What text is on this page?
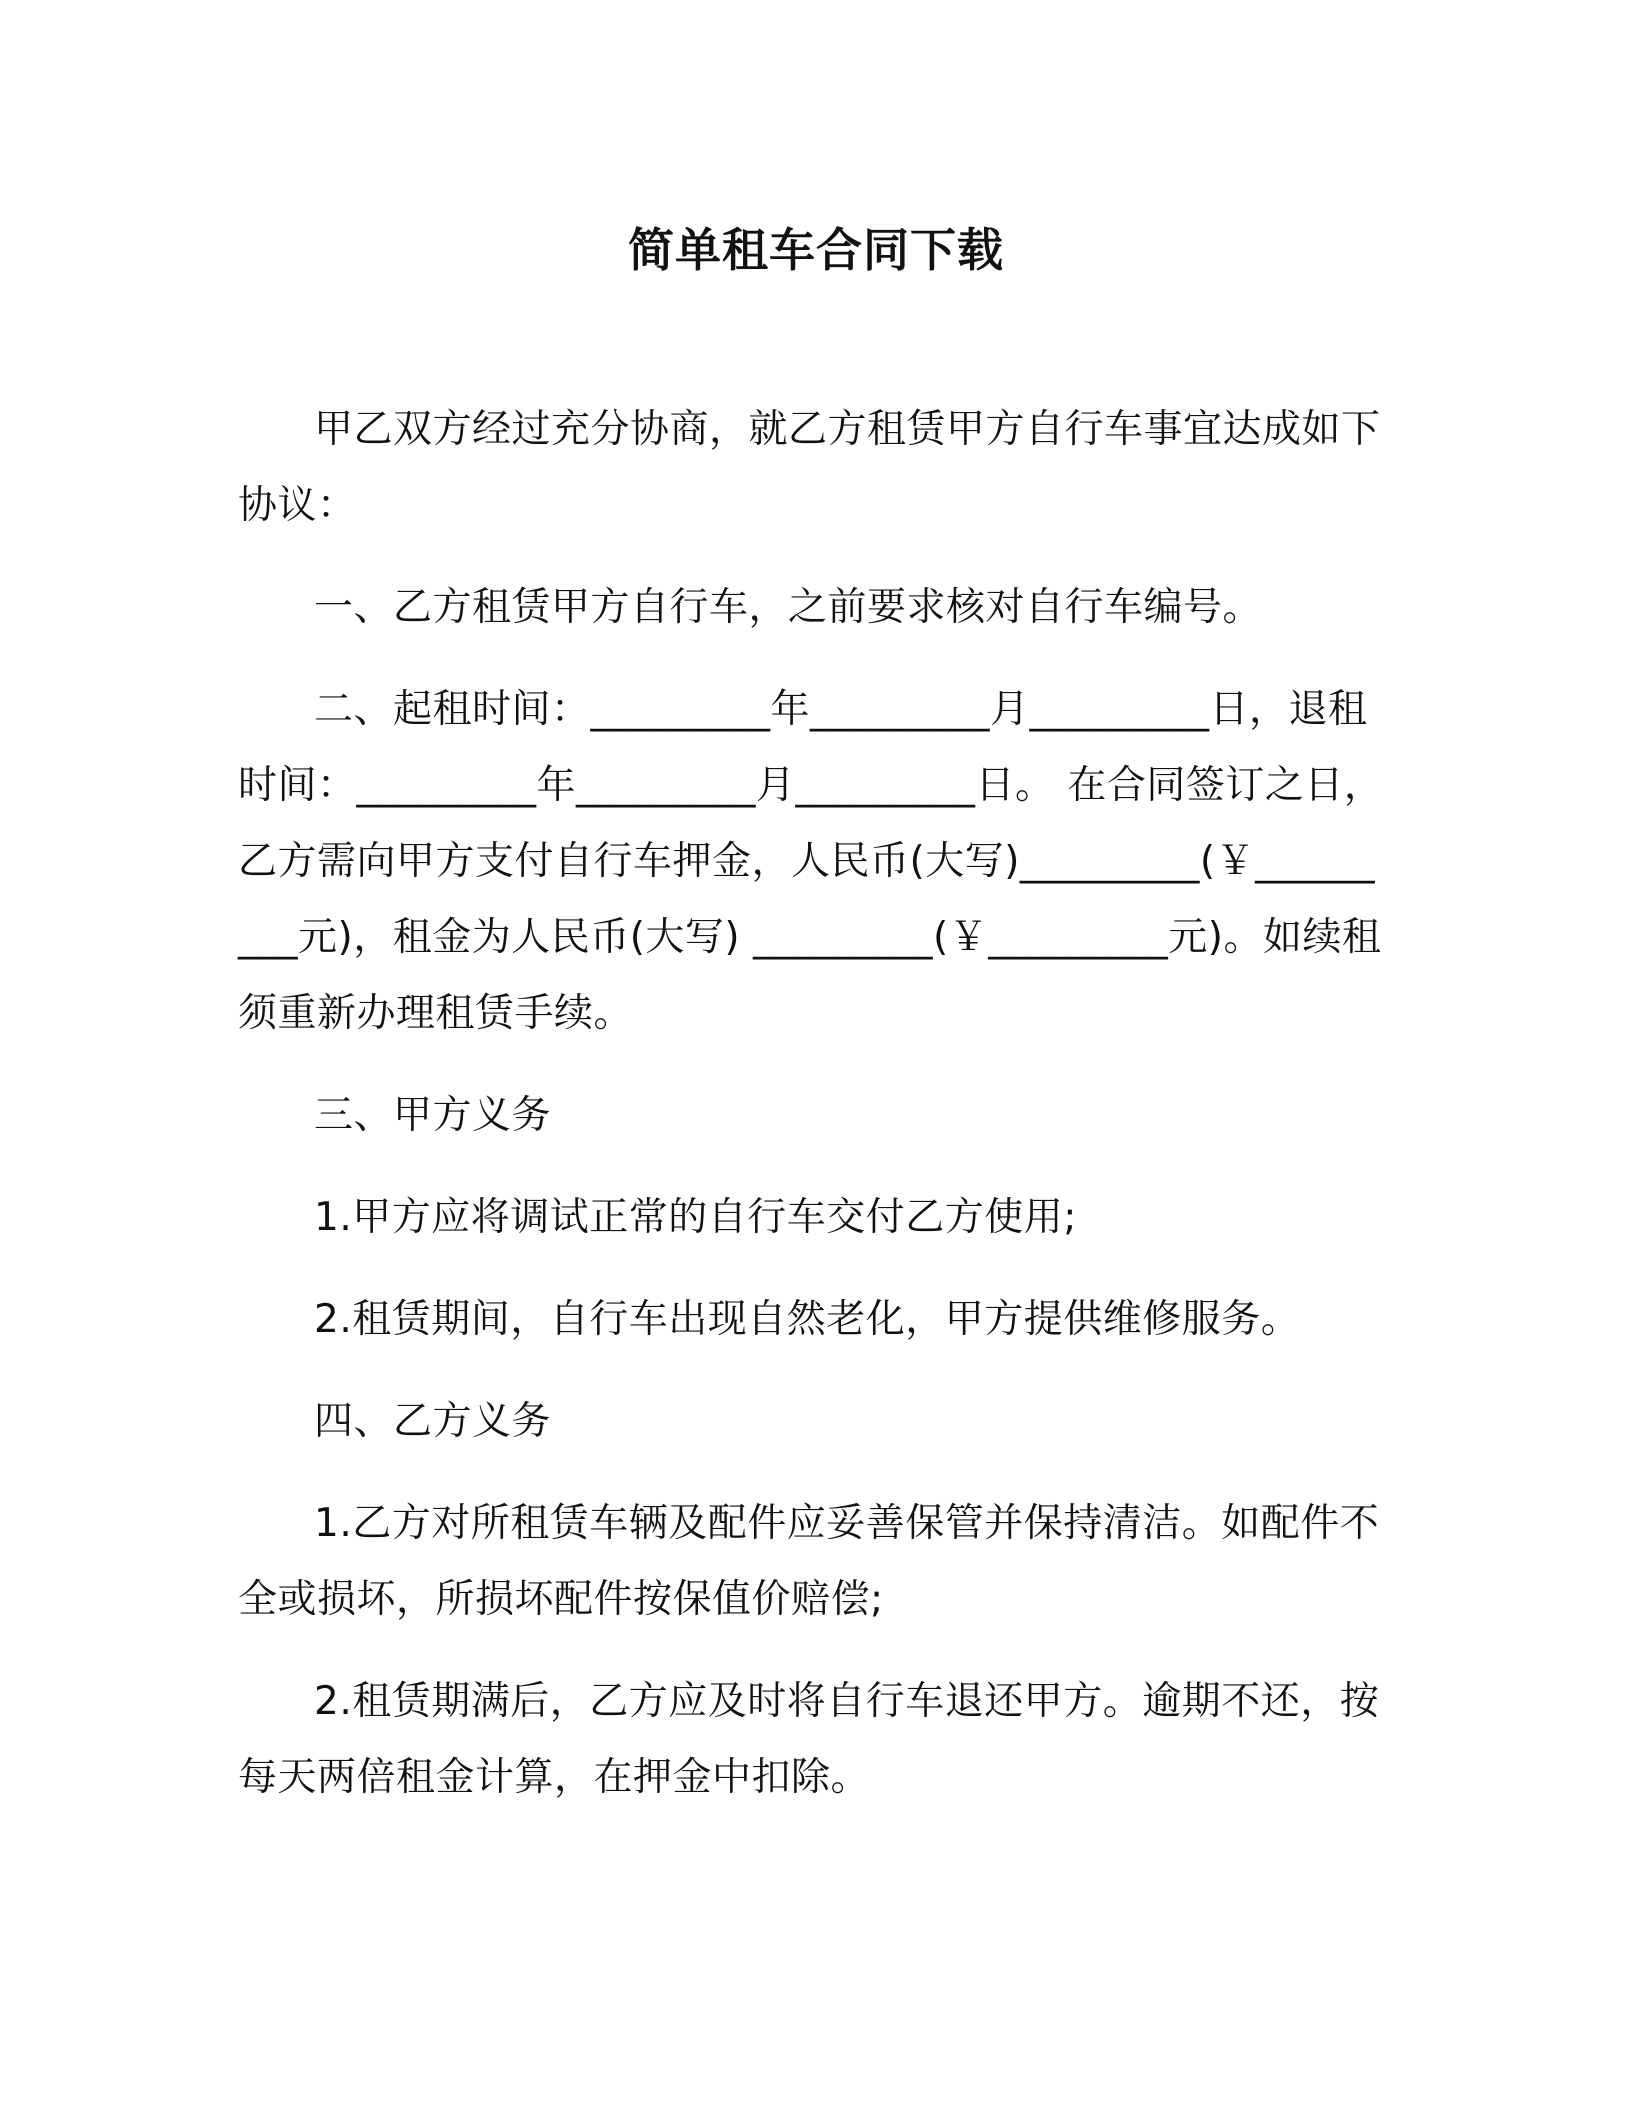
简单租车合同下载

甲乙双方经过充分协商，就乙方租赁甲方自行车事宜达成如下协议：

一、乙方租赁甲方自行车，之前要求核对自行车编号。

二、起租时间：_________年_________月_________日，退租时间：_________年_________月_________日。 在合同签订之日，乙方需向甲方支付自行车押金，人民币(大写)_________(￥_________元)，租金为人民币(大写) _________(￥_________元)。如续租须重新办理租赁手续。

三、甲方义务

1.甲方应将调试正常的自行车交付乙方使用;

2.租赁期间，自行车出现自然老化，甲方提供维修服务。

四、乙方义务

1.乙方对所租赁车辆及配件应妥善保管并保持清洁。如配件不全或损坏，所损坏配件按保值价赔偿;

2.租赁期满后，乙方应及时将自行车退还甲方。逾期不还，按每天两倍租金计算，在押金中扣除。
